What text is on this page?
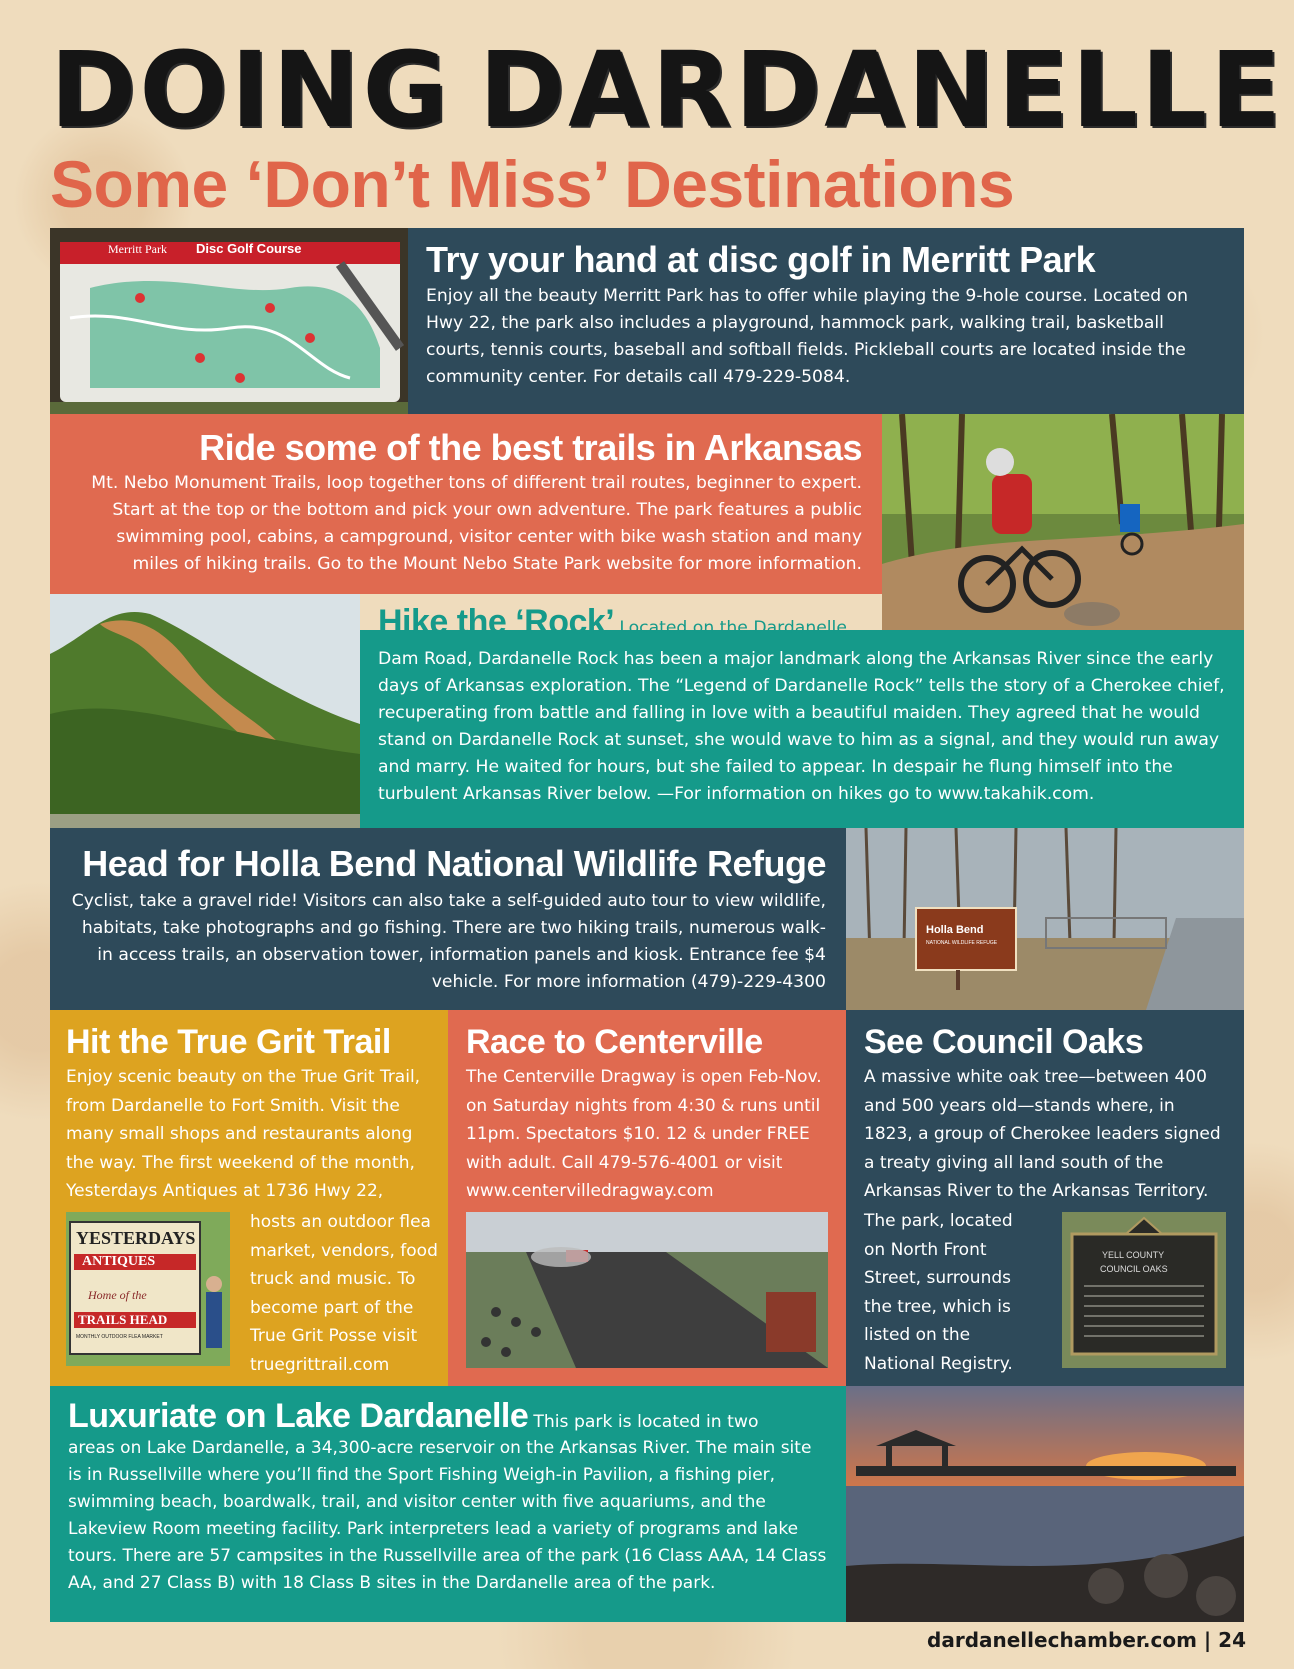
DOING DARDANELLE
Some ‘Don’t Miss’ Destinations
Merritt Park Disc Golf Course	Try your hand at disc golf in Merritt Park
Enjoy all the beauty Merritt Park has to offer while playing the 9-hole course. Located on Hwy 22, the park also includes a playground, hammock park, walking trail, basketball courts, tennis courts, baseball and softball fields. Pickleball courts are located inside the community center. For details call 479-229-5084.
Ride some of the best trails in Arkansas
Mt. Nebo Monument Trails, loop together tons of different trail routes, beginner to expert. Start at the top or the bottom and pick your own adventure. The park features a public swimming pool, cabins, a campground, visitor center with bike wash station and many miles of hiking trails. Go to the Mount Nebo State Park website for more information.
Hike the ‘Rock’ Located on the Dardanelle
Dam Road, Dardanelle Rock has been a major landmark along the Arkansas River since the early days of Arkansas exploration. The “Legend of Dardanelle Rock” tells the story of a Cherokee chief, recuperating from battle and falling in love with a beautiful maiden. They agreed that he would stand on Dardanelle Rock at sunset, she would wave to him as a signal, and they would run away and marry. He waited for hours, but she failed to appear. In despair he flung himself into the turbulent Arkansas River below. —For information on hikes go to www.takahik.com.
Head for Holla Bend National Wildlife Refuge
Cyclist, take a gravel ride! Visitors can also take a self-guided auto tour to view wildlife, habitats, take photographs and go fishing. There are two hiking trails, numerous walk-in access trails, an observation tower, information panels and kiosk. Entrance fee $4 vehicle. For more information (479)-229-4300
Holla Bend
NATIONAL WILDLIFE REFUGE
Hit the True Grit Trail
Enjoy scenic beauty on the True Grit Trail, from Dardanelle to Fort Smith. Visit the many small shops and restaurants along the way. The first weekend of the month, Yesterdays Antiques at 1736 Hwy 22,
YESTERDAYS
ANTIQUES
Home of the
TRAILS HEAD
MONTHLY OUTDOOR FLEA MARKET
hosts an outdoor flea market, vendors, food truck and music. To become part of the True Grit Posse visit truegrittrail.com
Race to Centerville
The Centerville Dragway is open Feb-Nov. on Saturday nights from 4:30 & runs until 11pm. Spectators $10. 12 & under FREE with adult. Call 479-576-4001 or visit www.centervilledragway.com
See Council Oaks
A massive white oak tree—between 400 and 500 years old—stands where, in 1823, a group of Cherokee leaders signed a treaty giving all land south of the Arkansas River to the Arkansas Territory.
The park, located on North Front Street, surrounds the tree, which is listed on the National Registry.
YELL COUNTY
COUNCIL OAKS
Luxuriate on Lake Dardanelle This park is located in two
areas on Lake Dardanelle, a 34,300-acre reservoir on the Arkansas River. The main site is in Russellville where you’ll find the Sport Fishing Weigh-in Pavilion, a fishing pier, swimming beach, boardwalk, trail, and visitor center with five aquariums, and the Lakeview Room meeting facility. Park interpreters lead a variety of programs and lake tours. There are 57 campsites in the Russellville area of the park (16 Class AAA, 14 Class AA, and 27 Class B) with 18 Class B sites in the Dardanelle area of the park.
dardanellechamber.com | 24
